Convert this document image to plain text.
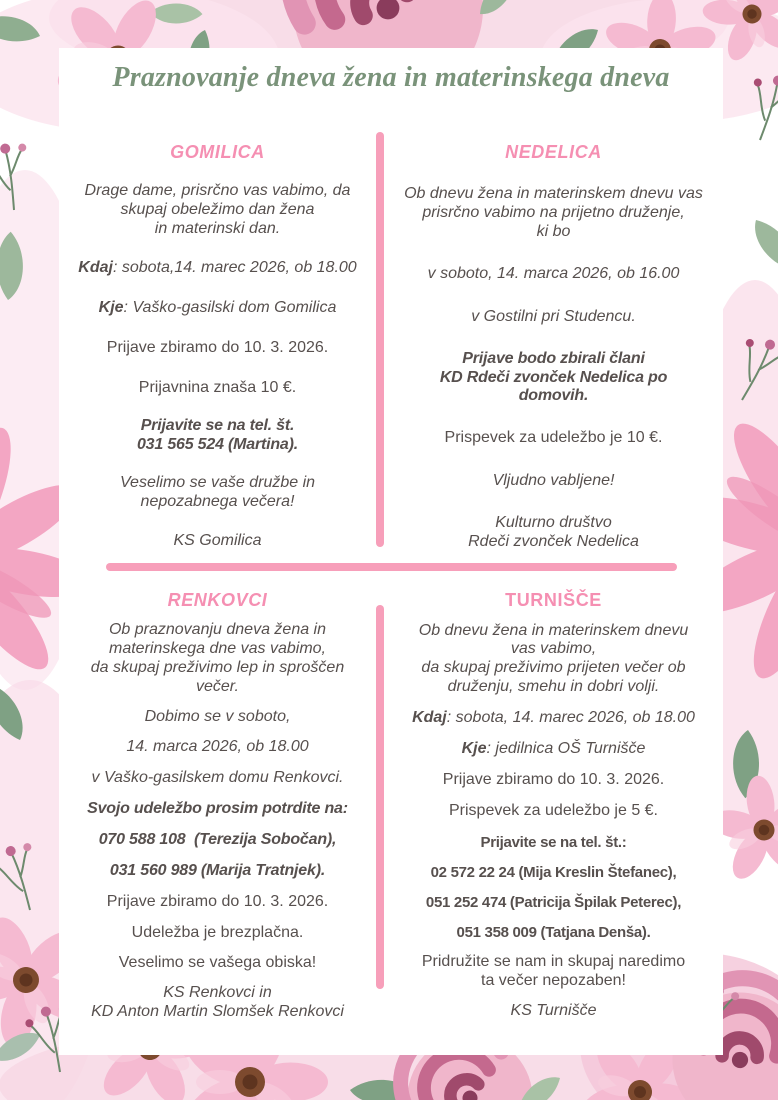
Praznovanje dneva žena in materinskega dneva
GOMILICA

Drage dame, prisrčno vas vabimo, da
skupaj obeležimo dan žena
in materinski dan.

Kdaj: sobota,14. marec 2026, ob 18.00

Kje: Vaško-gasilski dom Gomilica

Prijave zbiramo do 10. 3. 2026.

Prijavnina znaša 10 €.

Prijavite se na tel. št.
031 565 524 (Martina).

Veselimo se vaše družbe in
nepozabnega večera!

KS Gomilica

NEDELICA

Ob dnevu žena in materinskem dnevu vas
prisrčno vabimo na prijetno druženje,
ki bo

v soboto, 14. marca 2026, ob 16.00

v Gostilni pri Studencu.

Prijave bodo zbirali člani
KD Rdeči zvonček Nedelica po
domovih.

Prispevek za udeležbo je 10 €.

Vljudno vabljene!

Kulturno društvo
Rdeči zvonček Nedelica

RENKOVCI

Ob praznovanju dneva žena in
materinskega dne vas vabimo,
da skupaj preživimo lep in sproščen
večer.

Dobimo se v soboto,

14. marca 2026, ob 18.00

v Vaško-gasilskem domu Renkovci.

Svojo udeležbo prosim potrdite na:

070 588 108  (Terezija Sobočan),

031 560 989 (Marija Tratnjek).

Prijave zbiramo do 10. 3. 2026.

Udeležba je brezplačna.

Veselimo se vašega obiska!

KS Renkovci in
KD Anton Martin Slomšek Renkovci

TURNIŠČE

Ob dnevu žena in materinskem dnevu
vas vabimo,
da skupaj preživimo prijeten večer ob
druženju, smehu in dobri volji.

Kdaj: sobota, 14. marec 2026, ob 18.00

Kje: jedilnica OŠ Turnišče

Prijave zbiramo do 10. 3. 2026.

Prispevek za udeležbo je 5 €.

Prijavite se na tel. št.:

02 572 22 24 (Mija Kreslin Štefanec),

051 252 474 (Patricija Špilak Peterec),

051 358 009 (Tatjana Denša).

Pridružite se nam in skupaj naredimo
ta večer nepozaben!

KS Turnišče
